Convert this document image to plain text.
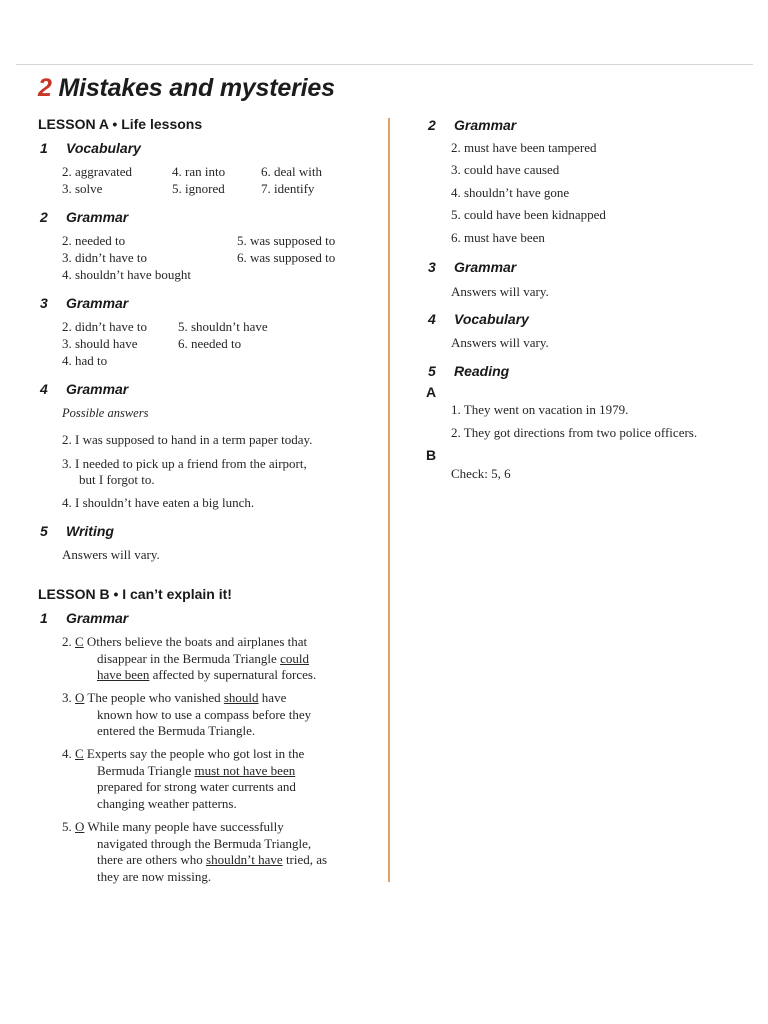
2 Mistakes and mysteries
LESSON A • Life lessons
1 Vocabulary
2. aggravated
3. solve
4. ran into
5. ignored
6. deal with
7. identify
2 Grammar
2. needed to
3. didn’t have to
4. shouldn’t have bought
5. was supposed to
6. was supposed to
3 Grammar
2. didn’t have to
3. should have
4. had to
5. shouldn’t have
6. needed to
4 Grammar
Possible answers
2. I was supposed to hand in a term paper today.
3. I needed to pick up a friend from the airport,
but I forgot to.
4. I shouldn’t have eaten a big lunch.
5 Writing
Answers will vary.
LESSON B • I can’t explain it!
1 Grammar
2. C Others believe the boats and airplanes that
disappear in the Bermuda Triangle could
have been affected by supernatural forces.
3. O The people who vanished should have
known how to use a compass before they
entered the Bermuda Triangle.
4. C Experts say the people who got lost in the
Bermuda Triangle must not have been
prepared for strong water currents and
changing weather patterns.
5. O While many people have successfully
navigated through the Bermuda Triangle,
there are others who shouldn’t have tried, as
they are now missing.
2 Grammar
2. must have been tampered
3. could have caused
4. shouldn’t have gone
5. could have been kidnapped
6. must have been
3 Grammar
Answers will vary.
4 Vocabulary
Answers will vary.
5 Reading
A
1. They went on vacation in 1979.
2. They got directions from two police officers.
B
Check: 5, 6
